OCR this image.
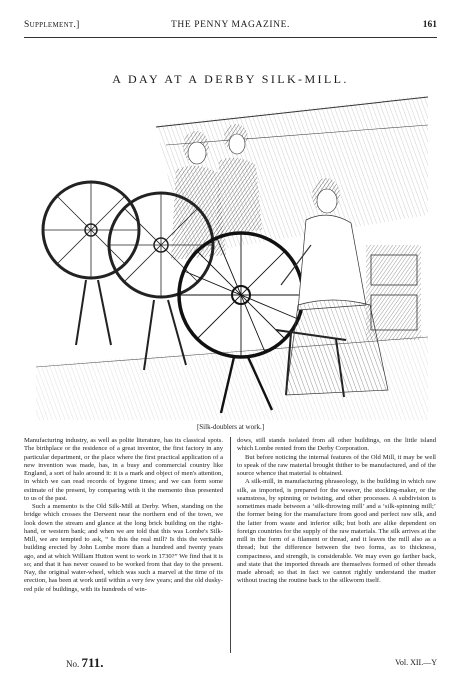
Supplement.]	THE PENNY MAGAZINE.	161
A DAY AT A DERBY SILK-MILL.
[Silk-doublers at work.]

Manufacturing industry, as well as polite literature, has its classical spots. The birthplace or the residence of a great inventor, the first factory in any particular department, or the place where the first practical application of a new invention was made, has, in a busy and commercial country like England, a sort of halo around it: it is a mark and object of men's attention, in which we can read records of bygone times; and we can form some estimate of the present, by comparing with it the memento thus presented to us of the past.

Such a memento is the Old Silk-Mill at Derby. When, standing on the bridge which crosses the Derwent near the northern end of the town, we look down the stream and glance at the long brick building on the right-hand, or western bank; and when we are told that this was Lombe's Silk-Mill, we are tempted to ask, “ Is this the real mill? Is this the veritable building erected by John Lombe more than a hundred and twenty years ago, and at which William Hutton went to work in 1730?” We find that it is so; and that it has never ceased to be worked from that day to the present. Nay, the original water-wheel, which was such a marvel at the time of its erection, has been at work until within a very few years; and the old dusky-red pile of buildings, with its hundreds of win-

dows, still stands isolated from all other buildings, on the little island which Lombe rented from the Derby Corporation.

But before noticing the internal features of the Old Mill, it may be well to speak of the raw material brought thither to be manufactured, and of the source whence that material is obtained.

A silk-mill, in manufacturing phraseology, is the building in which raw silk, as imported, is prepared for the weaver, the stocking-maker, or the seamstress, by spinning or twisting, and other processes. A subdivision is sometimes made between a ‘silk-throwing mill’ and a ‘silk-spinning mill;’ the former being for the manufacture from good and perfect raw silk, and the latter from waste and inferior silk; but both are alike dependent on foreign countries for the supply of the raw materials. The silk arrives at the mill in the form of a filament or thread, and it leaves the mill also as a thread; but the difference between the two forms, as to thickness, compactness, and strength, is considerable. We may even go farther back, and state that the imported threads are themselves formed of other threads made abroad; so that in fact we cannot rightly understand the matter without tracing the routine back to the silkworm itself.

No. 711.	Vol. XII.—Y
